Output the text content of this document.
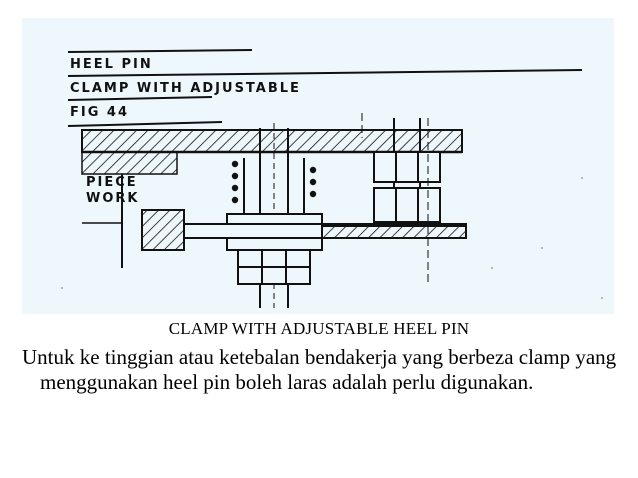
HEEL PIN
CLAMP WITH ADJUSTABLE
FIG 44
PIECE
WORK
CLAMP WITH ADJUSTABLE HEEL PIN

Untuk ke tinggian atau ketebalan bendakerja yang berbeza clamp yang menggunakan heel pin boleh laras adalah perlu digunakan.
